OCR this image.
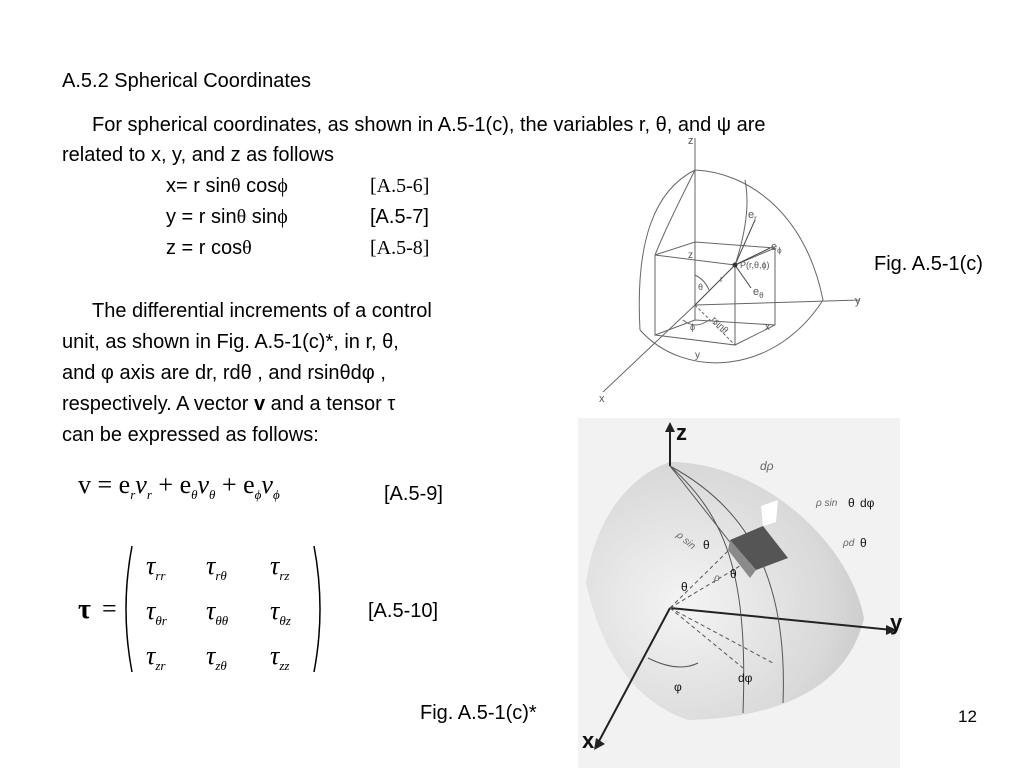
A.5.2 Spherical Coordinates
For spherical coordinates, as shown in A.5-1(c), the variables r, θ, and ψ are
related to x, y, and z as follows
x= r sinθ cosϕ	[A.5-6]
y = r sinθ sinϕ	[A.5-7]
z = r cosθ	[A.5-8]
The differential increments of a control
unit, as shown in Fig. A.5-1(c)*, in r, θ,
and φ axis are dr, rdθ , and rsinθdφ ,
respectively. A vector v and a tensor τ
can be expressed as follows:
$v = e_rv_r + e_\theta v_\theta + e_\phi v_\phi$	[A.5-9]
τ =
$\tau_{rr}$ $\tau_{r\theta}$ $\tau_{rz}$
$\tau_{\theta r}$ $\tau_{\theta\theta}$ $\tau_{\theta z}$
$\tau_{zr}$ $\tau_{z\theta}$ $\tau_{zz}$
[A.5-10]
z
y
x
$e_r$
$e_\phi$
$e_\theta$
P(r,θ,ϕ)
θ
r
ϕ rsinθ
z
y
x
Fig. A.5-1(c)
z
y
x
dρ
ρ sin θ dφ
ρd θ
θ
θ
θ
φ
dφ
ρ sin
ρ
Fig. A.5-1(c)*	12
